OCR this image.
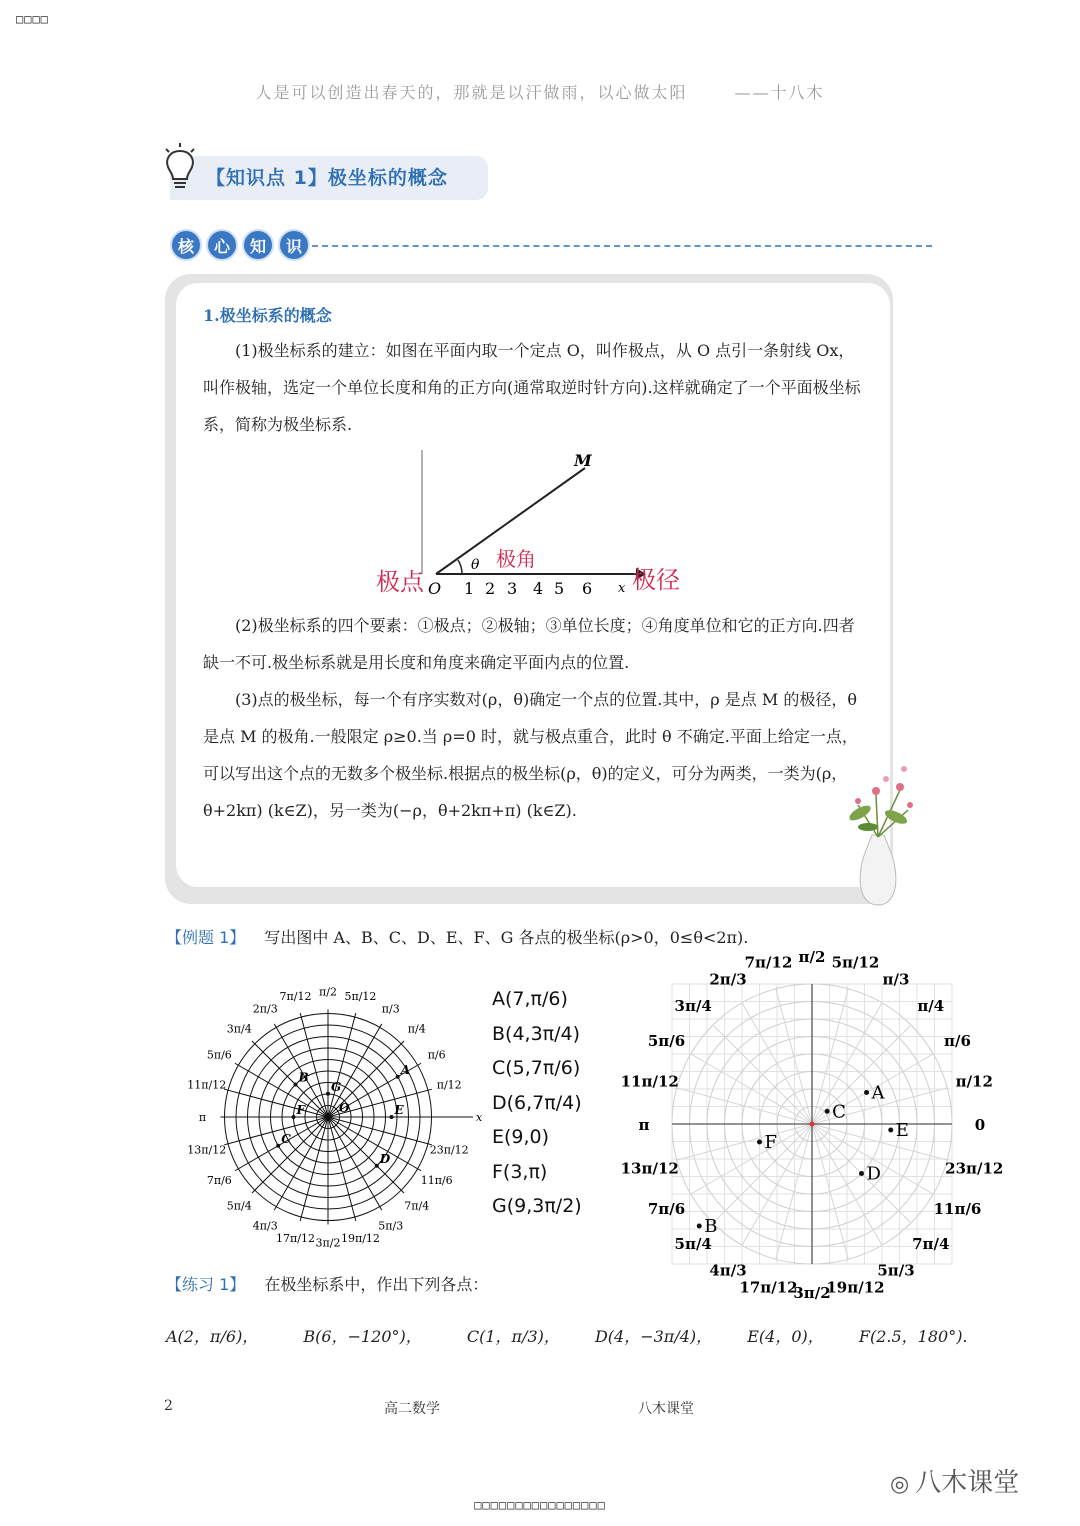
□□□□
人是可以创造出春天的，那就是以汗做雨，以心做太阳	——十八木
【知识点 1】极坐标的概念
核	心	知	识
1.极坐标系的概念

(1)极坐标系的建立：如图在平面内取一个定点 O，叫作极点，从 O 点引一条射线 Ox，叫作极轴，选定一个单位长度和角的正方向(通常取逆时针方向).这样就确定了一个平面极坐标系，简称为极坐标系.

M
θ
O 1 2 3 4 5 6 x
极点
极角
极径

(2)极坐标系的四个要素：①极点；②极轴；③单位长度；④角度单位和它的正方向.四者缺一不可.极坐标系就是用长度和角度来确定平面内点的位置.

(3)点的极坐标，每一个有序实数对(ρ，θ)确定一个点的位置.其中，ρ 是点 M 的极径，θ 是点 M 的极角.一般限定 ρ≥0.当 ρ=0 时，就与极点重合，此时 θ 不确定.平面上给定一点，可以写出这个点的无数多个极坐标.根据点的极坐标(ρ，θ)的定义，可分为两类，一类为(ρ，θ+2kπ) (k∈Z)，另一类为(−ρ，θ+2kπ+π) (k∈Z).

【例题 1】 写出图中 A、B、C、D、E、F、G 各点的极坐标(ρ>0，0≤θ<2π).
x
π/2 5π/12
π/3
π/4
π/6
π/12
23π/12
11π/6
7π/4
5π/3
19π/12
3π/2
17π/12
4π/3
5π/4
7π/6
13π/12
π
11π/12
5π/6
3π/4
2π/3
7π/12
A
B
C
D
E
F
G
O
A(7,π/6)
B(4,3π/4)
C(5,7π/6)
D(6,7π/4)
E(9,0)
F(3,π)
G(9,3π/2)
3π/4
2π/3
7π/12 π/2 5π/12
π/3
π/4
π/6
π/12
0
23π/12
11π/6
7π/4
5π/3
19π/12
3π/2
17π/12
4π/3
5π/4
7π/6
13π/12
π
11π/12
5π/6
A
B
C
D
E
F
【练习 1】 在极坐标系中，作出下列各点：
A(2，π/6)，	B(6，−120°)，	C(1，π/3)， D(4，−3π/4)， E(4，0)， F(2.5，180°).
2	高二数学	八木课堂
◎ 八木课堂
□□□□□□□□□□□□□□□□
